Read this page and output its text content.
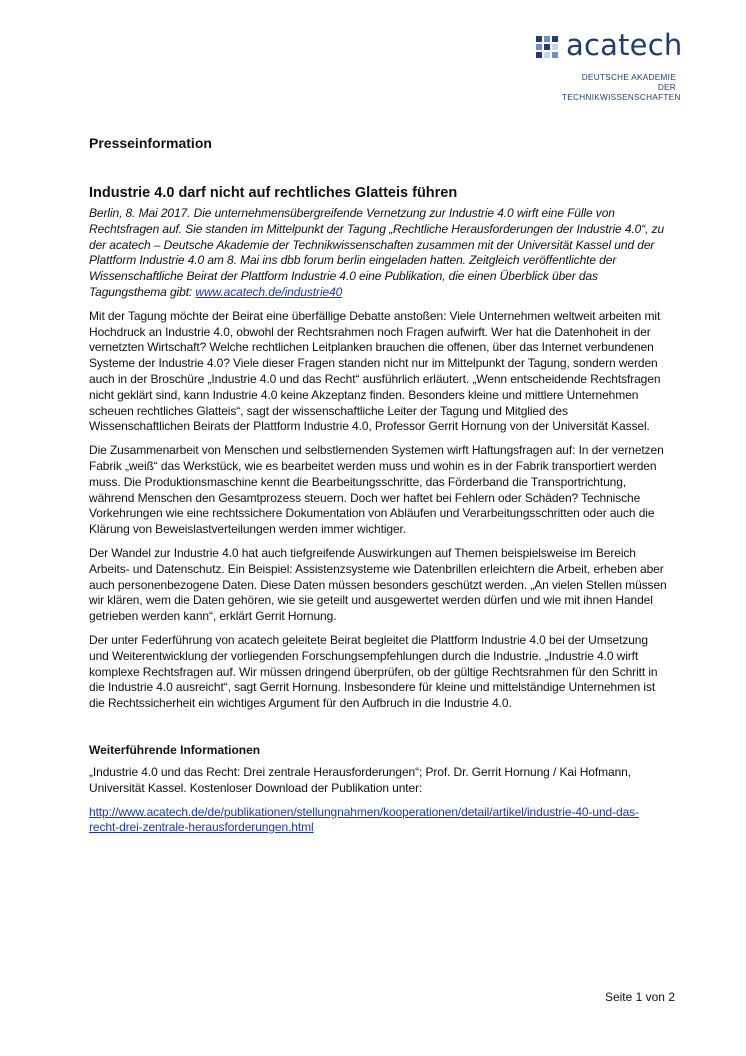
acatech
DEUTSCHE AKADEMIE DER
TECHNIKWISSENSCHAFTEN
Presseinformation
Industrie 4.0 darf nicht auf rechtliches Glatteis führen

Berlin, 8. Mai 2017. Die unternehmensübergreifende Vernetzung zur Industrie 4.0 wirft eine Fülle von Rechtsfragen auf. Sie standen im Mittelpunkt der Tagung „Rechtliche Herausforderungen der Industrie 4.0“, zu der acatech – Deutsche Akademie der Technikwissenschaften zusammen mit der Universität Kassel und der Plattform Industrie 4.0 am 8. Mai ins dbb forum berlin eingeladen hatten. Zeitgleich veröffentlichte der Wissenschaftliche Beirat der Plattform Industrie 4.0 eine Publikation, die einen Überblick über das Tagungsthema gibt: www.acatech.de/industrie40

Mit der Tagung möchte der Beirat eine überfällige Debatte anstoßen: Viele Unternehmen weltweit arbeiten mit Hochdruck an Industrie 4.0, obwohl der Rechtsrahmen noch Fragen aufwirft. Wer hat die Datenhoheit in der vernetzten Wirtschaft? Welche rechtlichen Leitplanken brauchen die offenen, über das Internet verbundenen Systeme der Industrie 4.0? Viele dieser Fragen standen nicht nur im Mittelpunkt der Tagung, sondern werden auch in der Broschüre „Industrie 4.0 und das Recht“ ausführlich erläutert. „Wenn entscheidende Rechtsfragen nicht geklärt sind, kann Industrie 4.0 keine Akzeptanz finden. Besonders kleine und mittlere Unternehmen scheuen rechtliches Glatteis“, sagt der wissenschaftliche Leiter der Tagung und Mitglied des Wissenschaftlichen Beirats der Plattform Industrie 4.0, Professor Gerrit Hornung von der Universität Kassel.

Die Zusammenarbeit von Menschen und selbstlernenden Systemen wirft Haftungsfragen auf: In der vernetzen Fabrik „weiß“ das Werkstück, wie es bearbeitet werden muss und wohin es in der Fabrik transportiert werden muss. Die Produktionsmaschine kennt die Bearbeitungsschritte, das Förderband die Transportrichtung, während Menschen den Gesamtprozess steuern. Doch wer haftet bei Fehlern oder Schäden? Technische Vorkehrungen wie eine rechtssichere Dokumentation von Abläufen und Verarbeitungsschritten oder auch die Klärung von Beweislastverteilungen werden immer wichtiger.

Der Wandel zur Industrie 4.0 hat auch tiefgreifende Auswirkungen auf Themen beispielsweise im Bereich Arbeits- und Datenschutz. Ein Beispiel: Assistenzsysteme wie Datenbrillen erleichtern die Arbeit, erheben aber auch personenbezogene Daten. Diese Daten müssen besonders geschützt werden. „An vielen Stellen müssen wir klären, wem die Daten gehören, wie sie geteilt und ausgewertet werden dürfen und wie mit ihnen Handel getrieben werden kann“, erklärt Gerrit Hornung.

Der unter Federführung von acatech geleitete Beirat begleitet die Plattform Industrie 4.0 bei der Umsetzung und Weiterentwicklung der vorliegenden Forschungsempfehlungen durch die Industrie. „Industrie 4.0 wirft komplexe Rechtsfragen auf. Wir müssen dringend überprüfen, ob der gültige Rechtsrahmen für den Schritt in die Industrie 4.0 ausreicht“, sagt Gerrit Hornung. Insbesondere für kleine und mittelständige Unternehmen ist die Rechtssicherheit ein wichtiges Argument für den Aufbruch in die Industrie 4.0.

Weiterführende Informationen

„Industrie 4.0 und das Recht: Drei zentrale Herausforderungen“; Prof. Dr. Gerrit Hornung / Kai Hofmann, Universität Kassel. Kostenloser Download der Publikation unter:

http://www.acatech.de/de/publikationen/stellungnahmen/kooperationen/detail/artikel/industrie-40-und-das-recht-drei-zentrale-herausforderungen.html

Seite 1 von 2
